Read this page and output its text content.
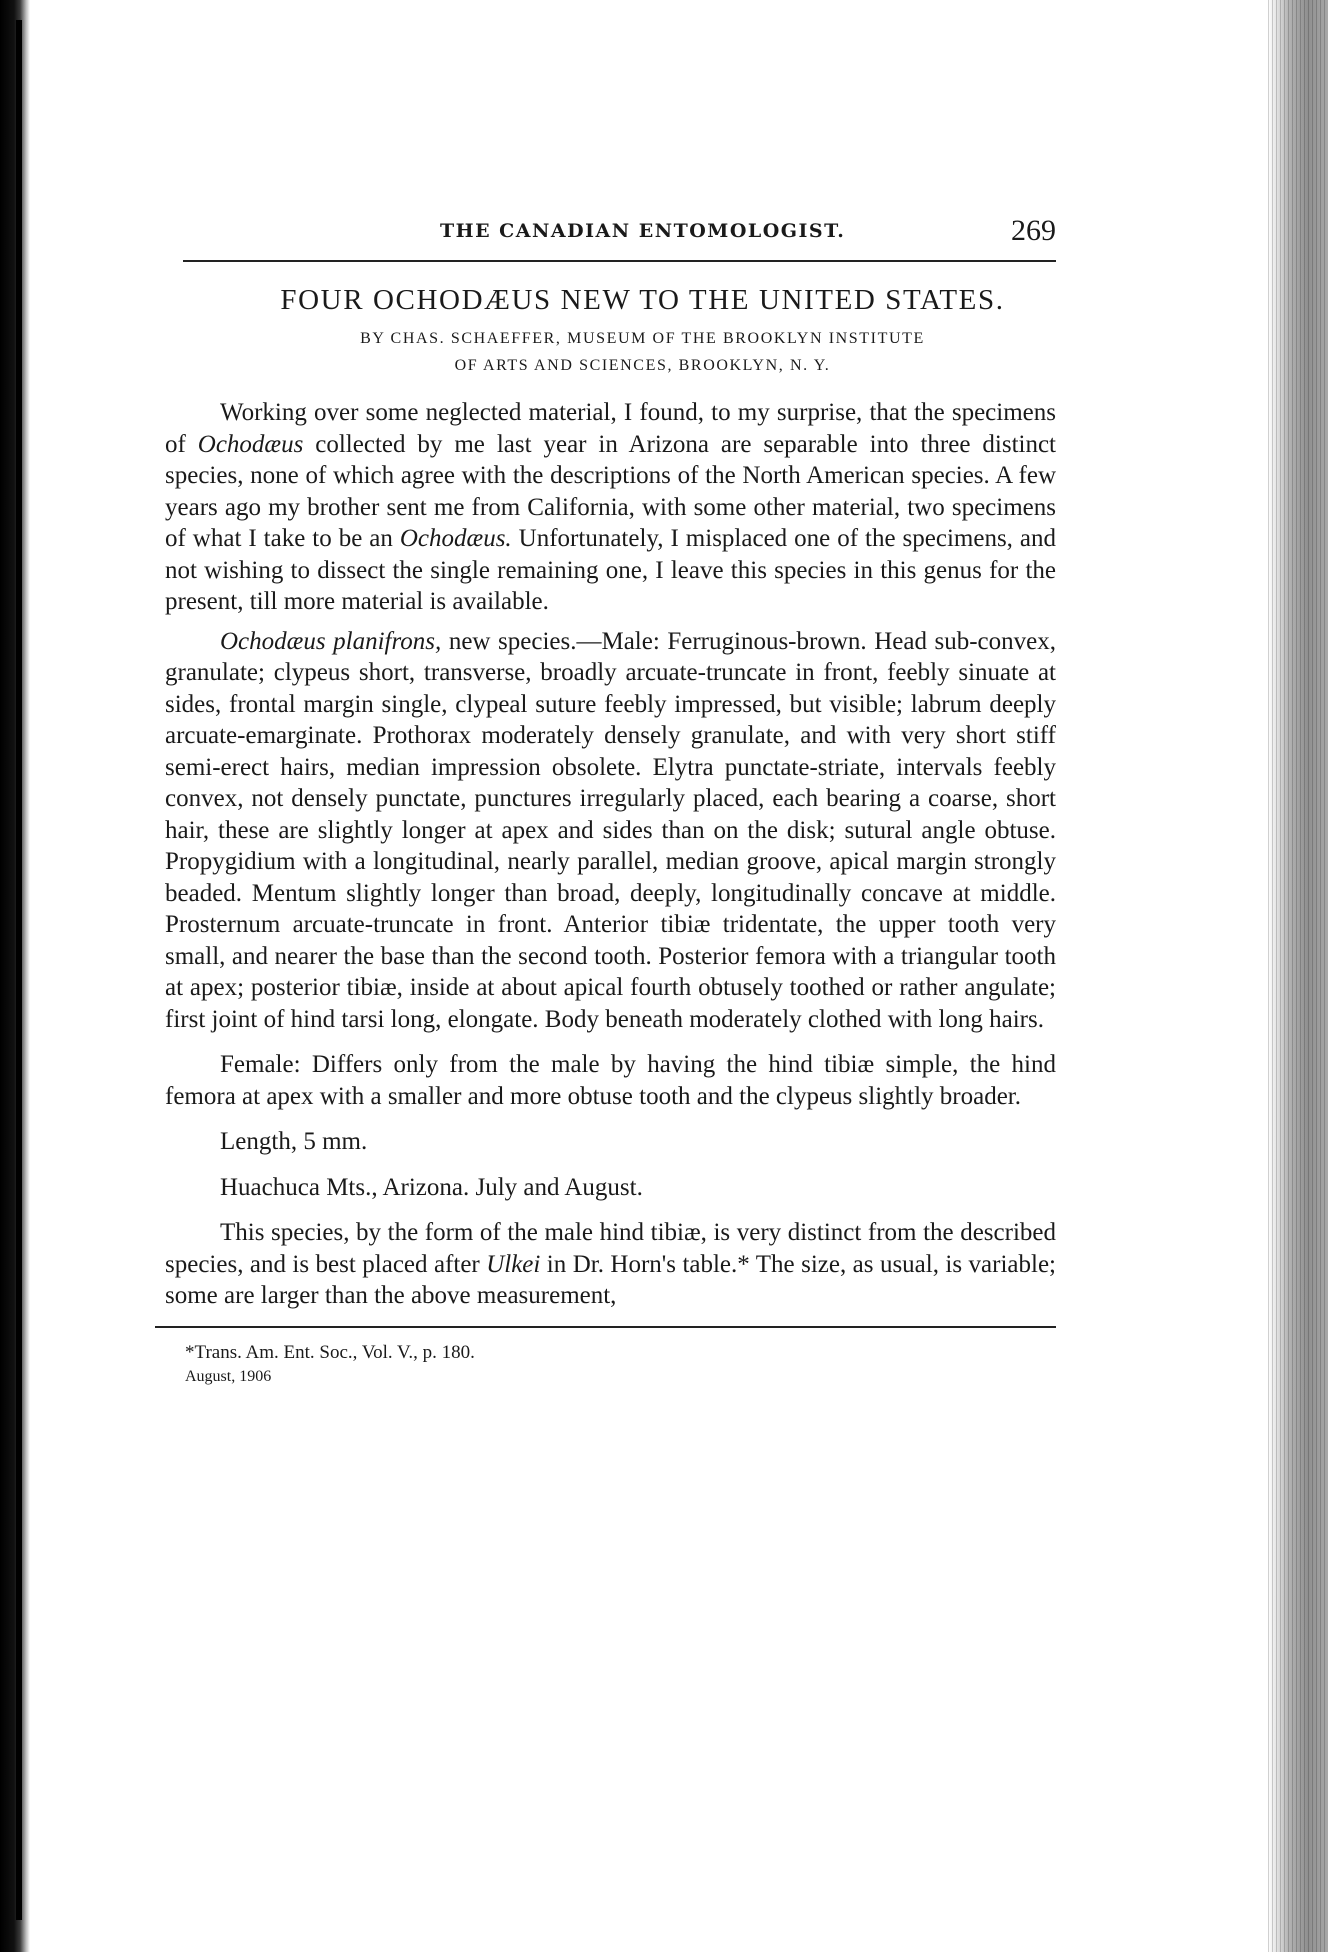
THE CANADIAN ENTOMOLOGIST.	269
FOUR OCHODÆUS NEW TO THE UNITED STATES.
BY CHAS. SCHAEFFER, MUSEUM OF THE BROOKLYN INSTITUTE
OF ARTS AND SCIENCES, BROOKLYN, N. Y.

Working over some neglected material, I found, to my surprise, that the specimens of Ochodæus collected by me last year in Arizona are separable into three distinct species, none of which agree with the descriptions of the North American species. A few years ago my brother sent me from California, with some other material, two specimens of what I take to be an Ochodæus. Unfortunately, I misplaced one of the specimens, and not wishing to dissect the single remaining one, I leave this species in this genus for the present, till more material is available.

Ochodæus planifrons, new species.—Male: Ferruginous-brown. Head sub-convex, granulate; clypeus short, transverse, broadly arcuate-truncate in front, feebly sinuate at sides, frontal margin single, clypeal suture feebly impressed, but visible; labrum deeply arcuate-emarginate. Prothorax moderately densely granulate, and with very short stiff semi-erect hairs, median impression obsolete. Elytra punctate-striate, intervals feebly convex, not densely punctate, punctures irregularly placed, each bearing a coarse, short hair, these are slightly longer at apex and sides than on the disk; sutural angle obtuse. Propygidium with a longitudinal, nearly parallel, median groove, apical margin strongly beaded. Mentum slightly longer than broad, deeply, longitudinally concave at middle. Prosternum arcuate-truncate in front. Anterior tibiæ tridentate, the upper tooth very small, and nearer the base than the second tooth. Posterior femora with a triangular tooth at apex; posterior tibiæ, inside at about apical fourth obtusely toothed or rather angulate; first joint of hind tarsi long, elongate. Body beneath moderately clothed with long hairs.

Female: Differs only from the male by having the hind tibiæ simple, the hind femora at apex with a smaller and more obtuse tooth and the clypeus slightly broader.

Length, 5 mm.

Huachuca Mts., Arizona. July and August.

This species, by the form of the male hind tibiæ, is very distinct from the described species, and is best placed after Ulkei in Dr. Horn's table.* The size, as usual, is variable; some are larger than the above measurement,

*Trans. Am. Ent. Soc., Vol. V., p. 180.
August, 1906
